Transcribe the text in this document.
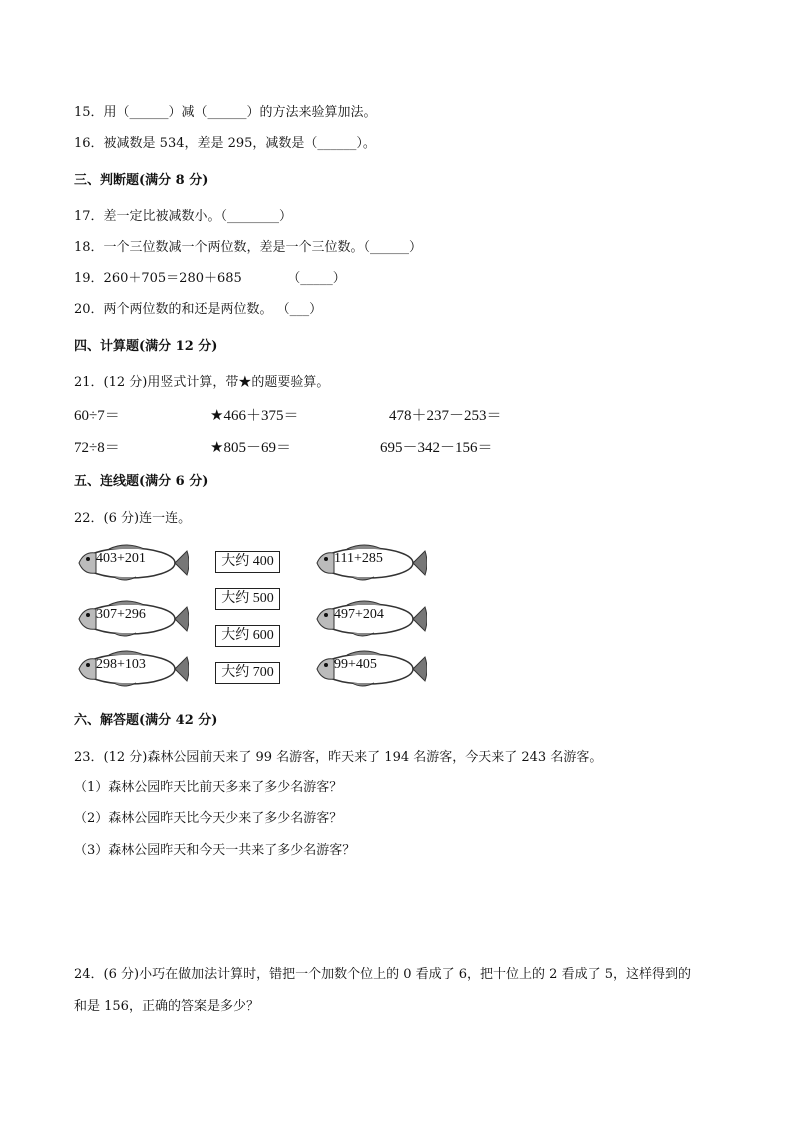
15．用（______）减（______）的方法来验算加法。
16．被减数是 534，差是 295，减数是（______）。
三、判断题(满分 8 分)
17．差一定比被减数小。（________）
18．一个三位数减一个两位数，差是一个三位数。（______）
19．260＋705＝280＋685　　　　（_____）
20．两个两位数的和还是两位数。 （___）
四、计算题(满分 12 分)
21．(12 分)用竖式计算，带★的题要验算。
60÷7＝	★466＋375＝	478＋237－253＝
72÷8＝	★805－69＝	695－342－156＝
五、连线题(满分 6 分)
22．(6 分)连一连。
403+201
307+296
298+103
大约 400
大约 500
大约 600
大约 700
111+285
497+204
99+405
六、解答题(满分 42 分)
23．(12 分)森林公园前天来了 99 名游客，昨天来了 194 名游客，今天来了 243 名游客。
（1）森林公园昨天比前天多来了多少名游客？
（2）森林公园昨天比今天少来了多少名游客？
（3）森林公园昨天和今天一共来了多少名游客？
24．(6 分)小巧在做加法计算时，错把一个加数个位上的 0 看成了 6，把十位上的 2 看成了 5，这样得到的
和是 156，正确的答案是多少？
